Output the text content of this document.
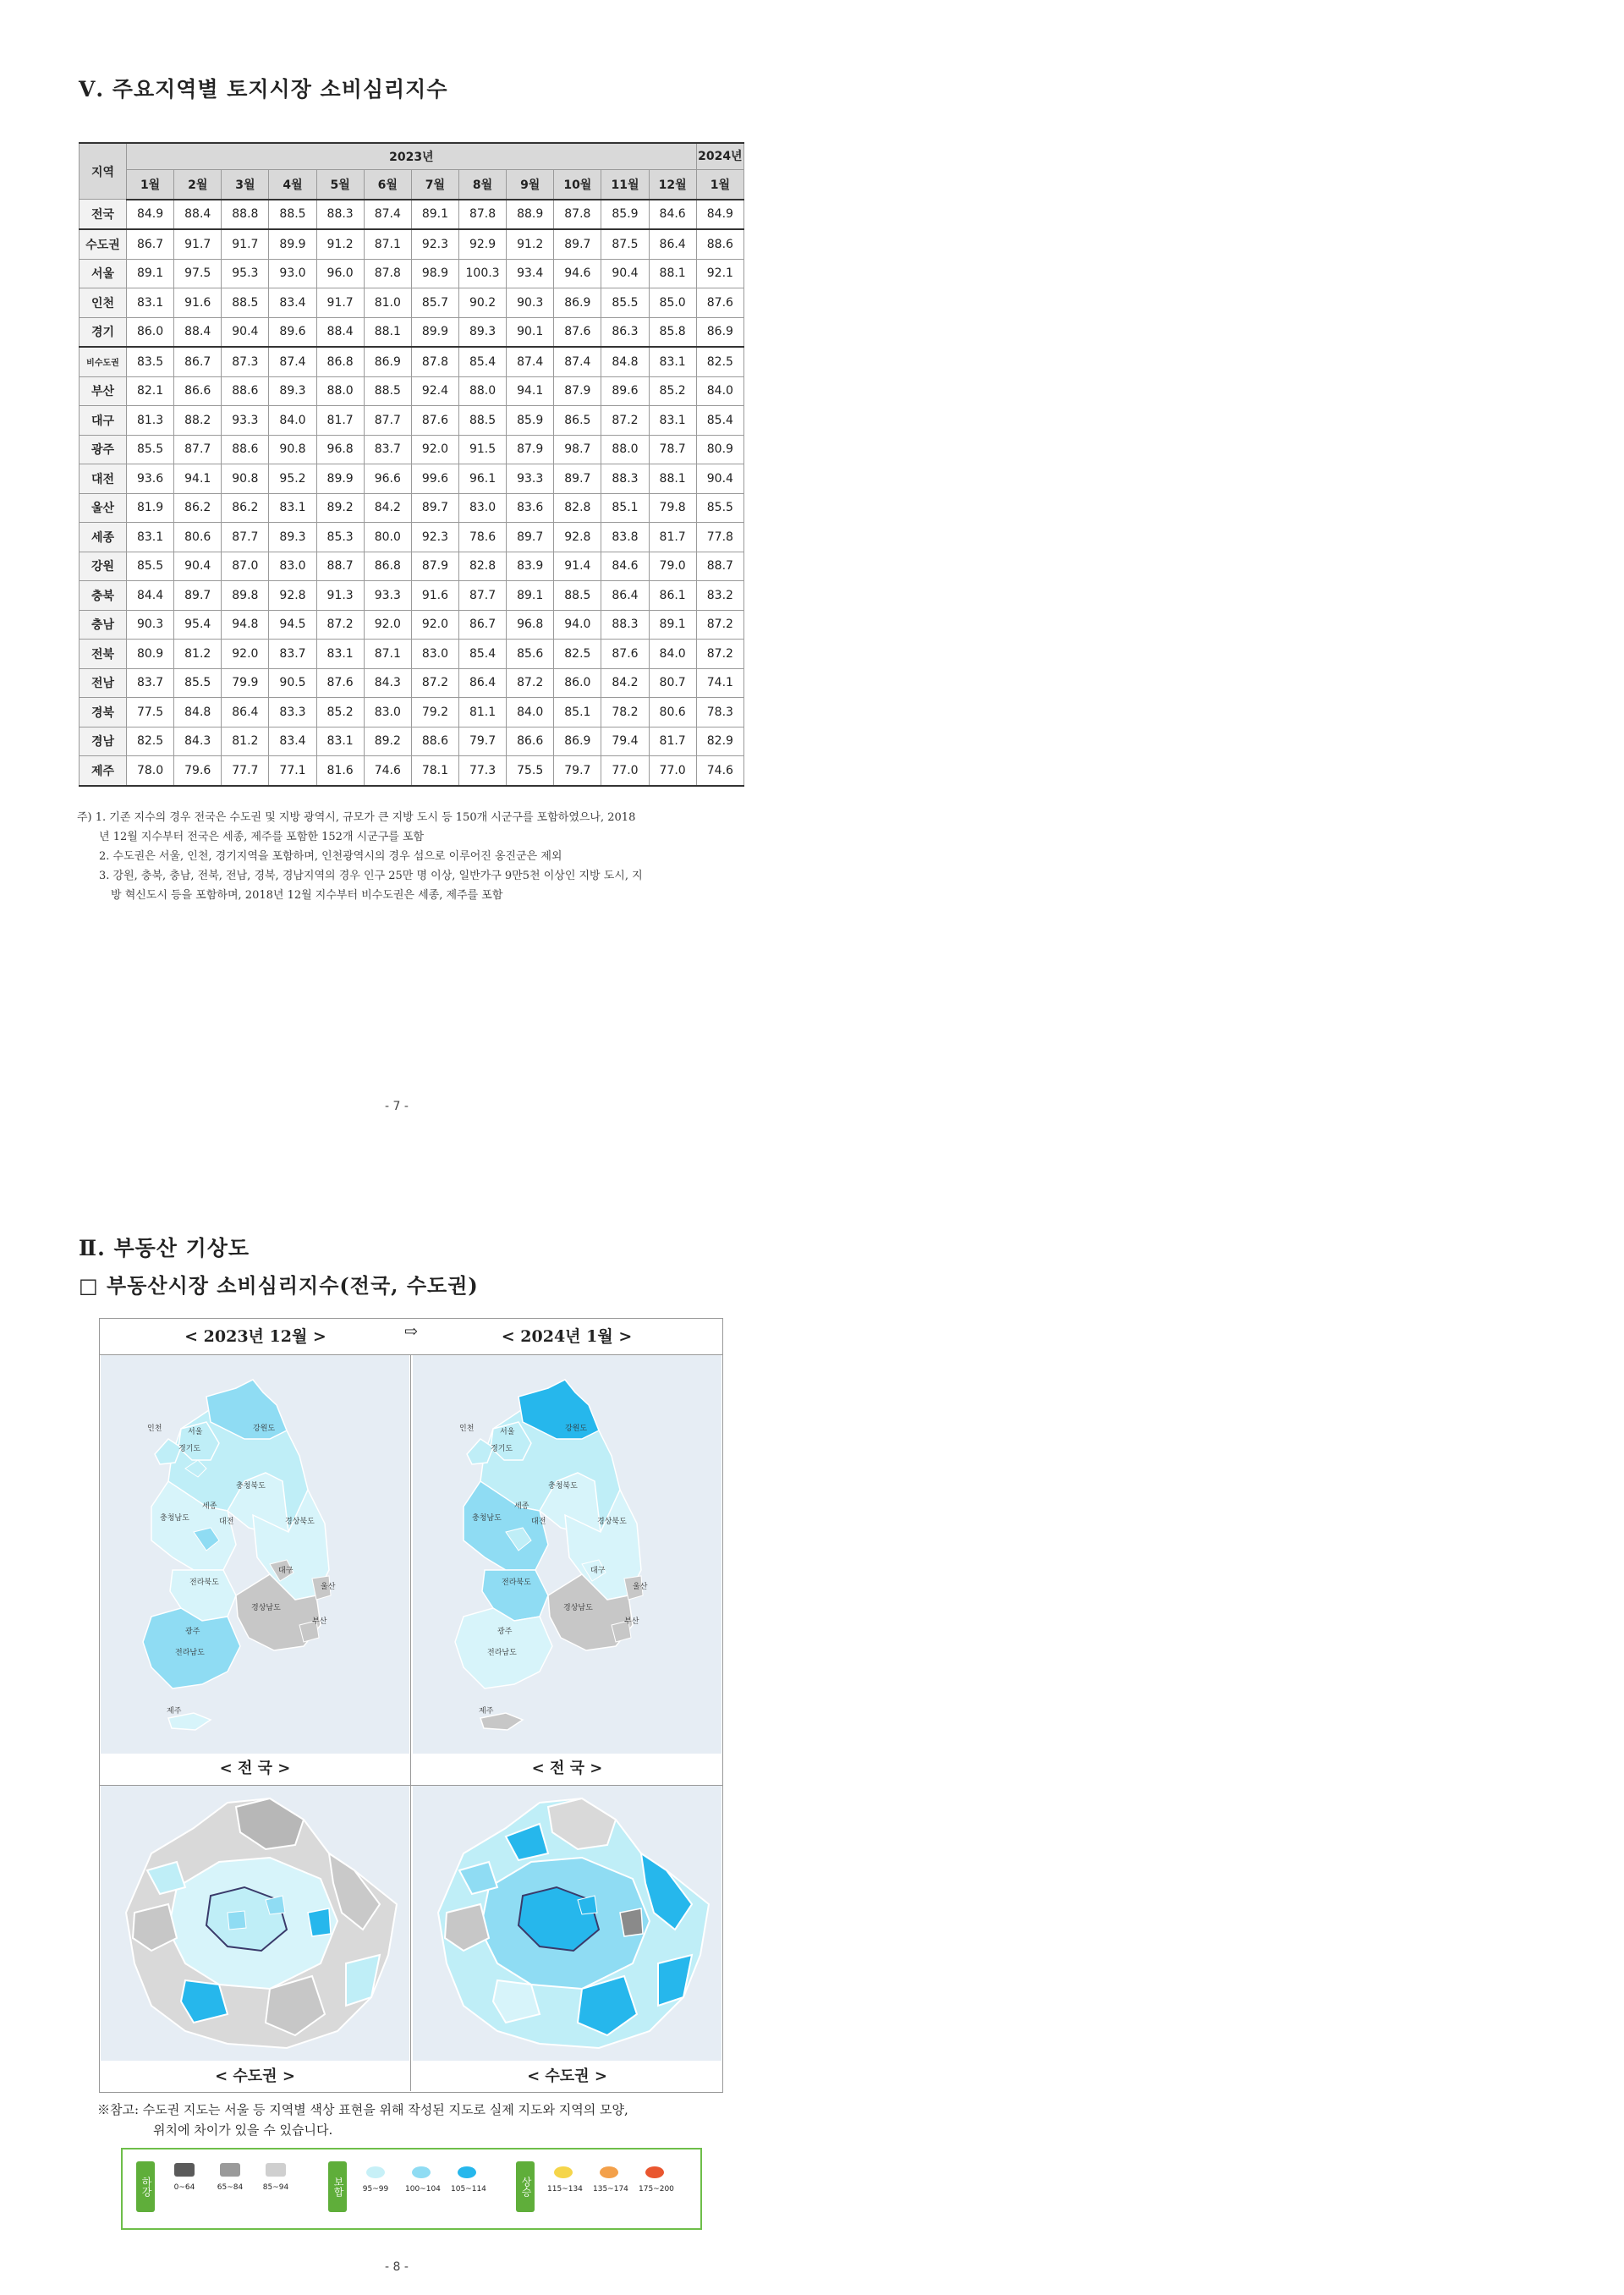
Ⅴ. 주요지역별 토지시장 소비심리지수
지역	2023년												2024년
	1월	2월	3월	4월	5월	6월	7월	8월	9월	10월	11월	12월	1월
전국	84.9	88.4	88.8	88.5	88.3	87.4	89.1	87.8	88.9	87.8	85.9	84.6	84.9
수도권	86.7	91.7	91.7	89.9	91.2	87.1	92.3	92.9	91.2	89.7	87.5	86.4	88.6
서울	89.1	97.5	95.3	93.0	96.0	87.8	98.9	100.3	93.4	94.6	90.4	88.1	92.1
인천	83.1	91.6	88.5	83.4	91.7	81.0	85.7	90.2	90.3	86.9	85.5	85.0	87.6
경기	86.0	88.4	90.4	89.6	88.4	88.1	89.9	89.3	90.1	87.6	86.3	85.8	86.9
비수도권	83.5	86.7	87.3	87.4	86.8	86.9	87.8	85.4	87.4	87.4	84.8	83.1	82.5
부산	82.1	86.6	88.6	89.3	88.0	88.5	92.4	88.0	94.1	87.9	89.6	85.2	84.0
대구	81.3	88.2	93.3	84.0	81.7	87.7	87.6	88.5	85.9	86.5	87.2	83.1	85.4
광주	85.5	87.7	88.6	90.8	96.8	83.7	92.0	91.5	87.9	98.7	88.0	78.7	80.9
대전	93.6	94.1	90.8	95.2	89.9	96.6	99.6	96.1	93.3	89.7	88.3	88.1	90.4
울산	81.9	86.2	86.2	83.1	89.2	84.2	89.7	83.0	83.6	82.8	85.1	79.8	85.5
세종	83.1	80.6	87.7	89.3	85.3	80.0	92.3	78.6	89.7	92.8	83.8	81.7	77.8
강원	85.5	90.4	87.0	83.0	88.7	86.8	87.9	82.8	83.9	91.4	84.6	79.0	88.7
충북	84.4	89.7	89.8	92.8	91.3	93.3	91.6	87.7	89.1	88.5	86.4	86.1	83.2
충남	90.3	95.4	94.8	94.5	87.2	92.0	92.0	86.7	96.8	94.0	88.3	89.1	87.2
전북	80.9	81.2	92.0	83.7	83.1	87.1	83.0	85.4	85.6	82.5	87.6	84.0	87.2
전남	83.7	85.5	79.9	90.5	87.6	84.3	87.2	86.4	87.2	86.0	84.2	80.7	74.1
경북	77.5	84.8	86.4	83.3	85.2	83.0	79.2	81.1	84.0	85.1	78.2	80.6	78.3
경남	82.5	84.3	81.2	83.4	83.1	89.2	88.6	79.7	86.6	86.9	79.4	81.7	82.9
제주	78.0	79.6	77.7	77.1	81.6	74.6	78.1	77.3	75.5	79.7	77.0	77.0	74.6
주) 1. 기존 지수의 경우 전국은 수도권 및 지방 광역시, 규모가 큰 지방 도시 등 150개 시군구를 포함하였으나, 2018
년 12월 지수부터 전국은 세종, 제주를 포함한 152개 시군구를 포함
2. 수도권은 서울, 인천, 경기지역을 포함하며, 인천광역시의 경우 섬으로 이루어진 옹진군은 제외
3. 강원, 충북, 충남, 전북, 전남, 경북, 경남지역의 경우 인구 25만 명 이상, 일반가구 9만5천 이상인 지방 도시, 지
방 혁신도시 등을 포함하며, 2018년 12월 지수부터 비수도권은 세종, 제주를 포함
- 7 -
Ⅱ. 부동산 기상도
□ 부동산시장 소비심리지수(전국, 수도권)
< 2023년 12월 >	⇨	< 2024년 1월 >
인천	서울
경기도
강원도
충청북도
세종
충청남도	대전	경상북도
대구
전라북도	울산
경상남도
부산
광주
전라남도
제주
인천	서울
경기도
강원도
충청북도
세종
충청남도	대전	경상북도
대구
전라북도	울산
경상남도
부산
광주
전라남도
제주
< 전 국 >	< 전 국 >
< 수도권 >	< 수도권 >
※참고: 수도권 지도는 서울 등 지역별 색상 표현을 위해 작성된 지도로 실제 지도와 지역의 모양,
위치에 차이가 있을 수 있습니다.
하강	보합	상승
0~64	65~84	85~94	95~99	100~104 105~114	115~134 135~174 175~200
- 8 -
